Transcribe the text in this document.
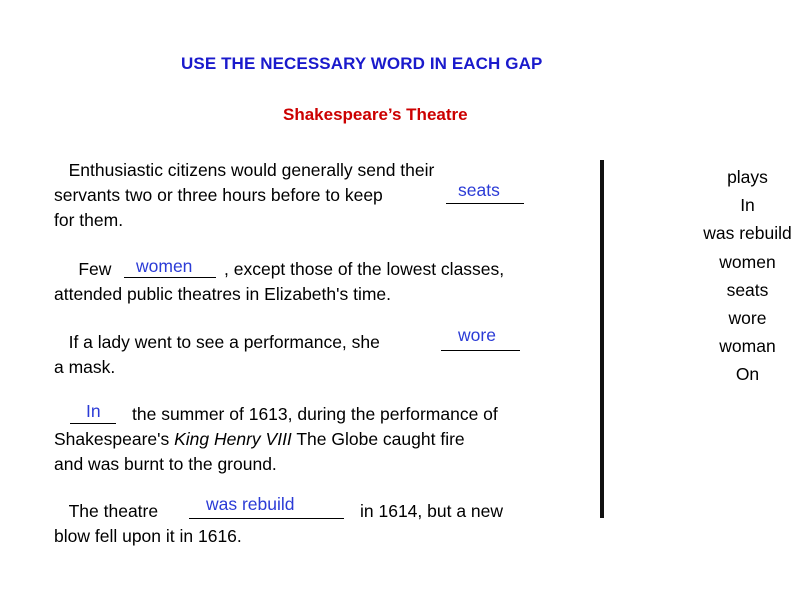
USE THE NECESSARY WORD IN EACH GAP
Shakespeare’s Theatre
Enthusiastic citizens would generally send their
servants two or three hours before to keep
for them.
seats
Few
attended public theatres in Elizabeth's time.
, except those of the lowest classes,
women
If a lady went to see a performance, she
a mask.
wore
In the summer of 1613, during the performance of
Shakespeare's King Henry VIII The Globe caught fire
and was burnt to the ground.
The theatre
blow fell upon it in 1616.
in 1614, but a new
was rebuild
plays
In
was rebuild
women
seats
wore
woman
On
